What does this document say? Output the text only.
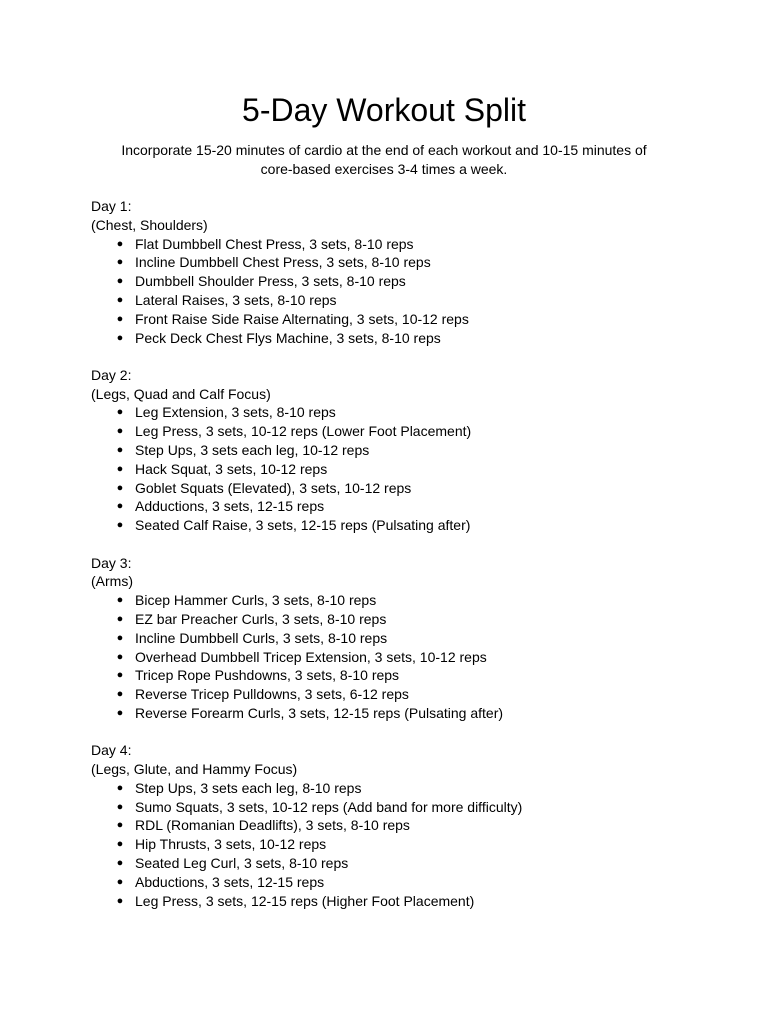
5-Day Workout Split

Incorporate 15-20 minutes of cardio at the end of each workout and 10-15 minutes of core-based exercises 3-4 times a week.

Day 1:
(Chest, Shoulders)
● Flat Dumbbell Chest Press, 3 sets, 8-10 reps
● Incline Dumbbell Chest Press, 3 sets, 8-10 reps
● Dumbbell Shoulder Press, 3 sets, 8-10 reps
● Lateral Raises, 3 sets, 8-10 reps
● Front Raise Side Raise Alternating, 3 sets, 10-12 reps
● Peck Deck Chest Flys Machine, 3 sets, 8-10 reps
Day 2:
(Legs, Quad and Calf Focus)
● Leg Extension, 3 sets, 8-10 reps
● Leg Press, 3 sets, 10-12 reps (Lower Foot Placement)
● Step Ups, 3 sets each leg, 10-12 reps
● Hack Squat, 3 sets, 10-12 reps
● Goblet Squats (Elevated), 3 sets, 10-12 reps
● Adductions, 3 sets, 12-15 reps
● Seated Calf Raise, 3 sets, 12-15 reps (Pulsating after)
Day 3:
(Arms)
● Bicep Hammer Curls, 3 sets, 8-10 reps
● EZ bar Preacher Curls, 3 sets, 8-10 reps
● Incline Dumbbell Curls, 3 sets, 8-10 reps
● Overhead Dumbbell Tricep Extension, 3 sets, 10-12 reps
● Tricep Rope Pushdowns, 3 sets, 8-10 reps
● Reverse Tricep Pulldowns, 3 sets, 6-12 reps
● Reverse Forearm Curls, 3 sets, 12-15 reps (Pulsating after)
Day 4:
(Legs, Glute, and Hammy Focus)
● Step Ups, 3 sets each leg, 8-10 reps
● Sumo Squats, 3 sets, 10-12 reps (Add band for more difficulty)
● RDL (Romanian Deadlifts), 3 sets, 8-10 reps
● Hip Thrusts, 3 sets, 10-12 reps
● Seated Leg Curl, 3 sets, 8-10 reps
● Abductions, 3 sets, 12-15 reps
● Leg Press, 3 sets, 12-15 reps (Higher Foot Placement)
